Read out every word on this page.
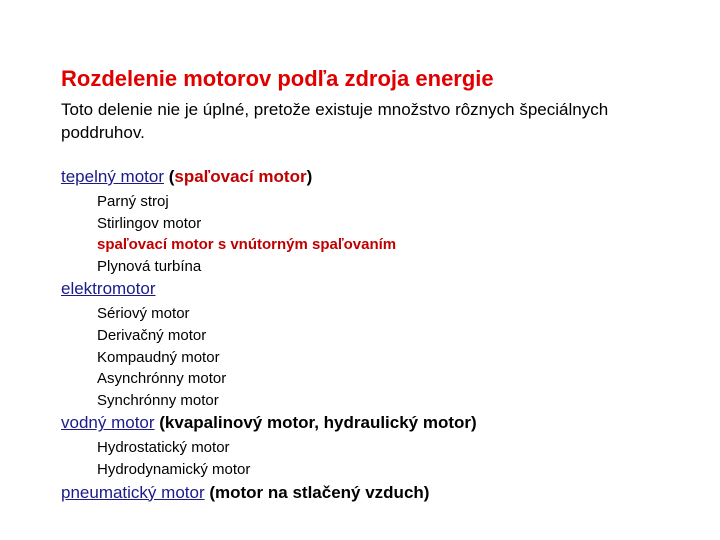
Rozdelenie motorov podľa zdroja energie

Toto delenie nie je úplné, pretože existuje množstvo rôznych špeciálnych poddruhov.

tepelný motor (spaľovací motor)
Parný stroj
Stirlingov motor
spaľovací motor s vnútorným spaľovaním
Plynová turbína
elektromotor
Sériový motor
Derivačný motor
Kompaudný motor
Asynchrónny motor
Synchrónny motor
vodný motor (kvapalinový motor, hydraulický motor)
Hydrostatický motor
Hydrodynamický motor
pneumatický motor (motor na stlačený vzduch)
